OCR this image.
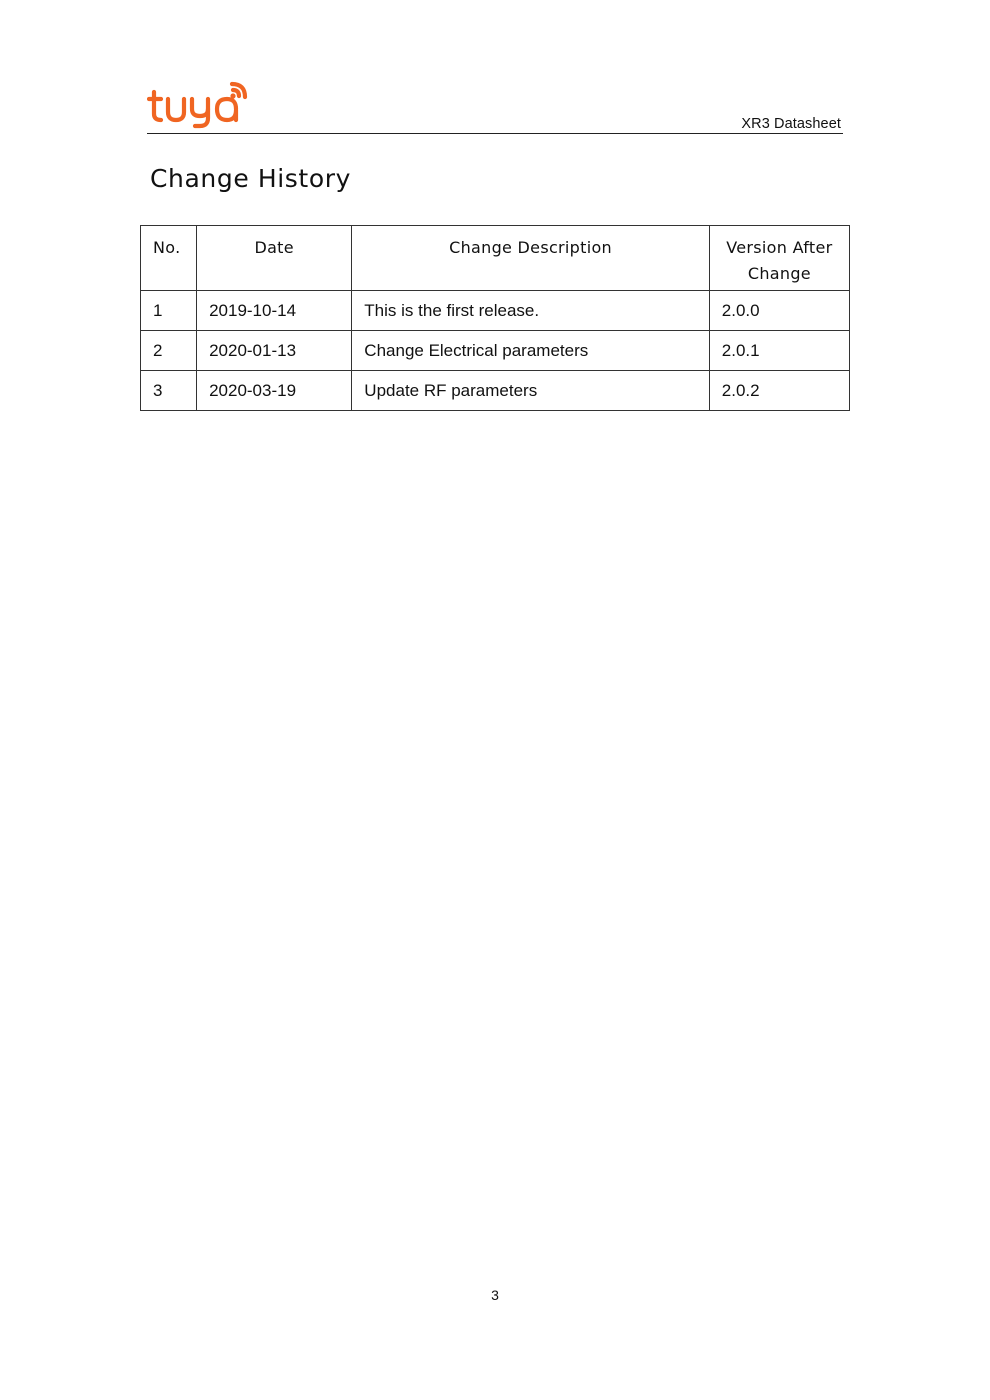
XR3 Datasheet
Change History
No.	Date	Change Description	Version After
Change
1	2019-10-14	This is the first release.	2.0.0
2	2020-01-13	Change Electrical parameters	2.0.1
3	2020-03-19	Update RF parameters	2.0.2
3
